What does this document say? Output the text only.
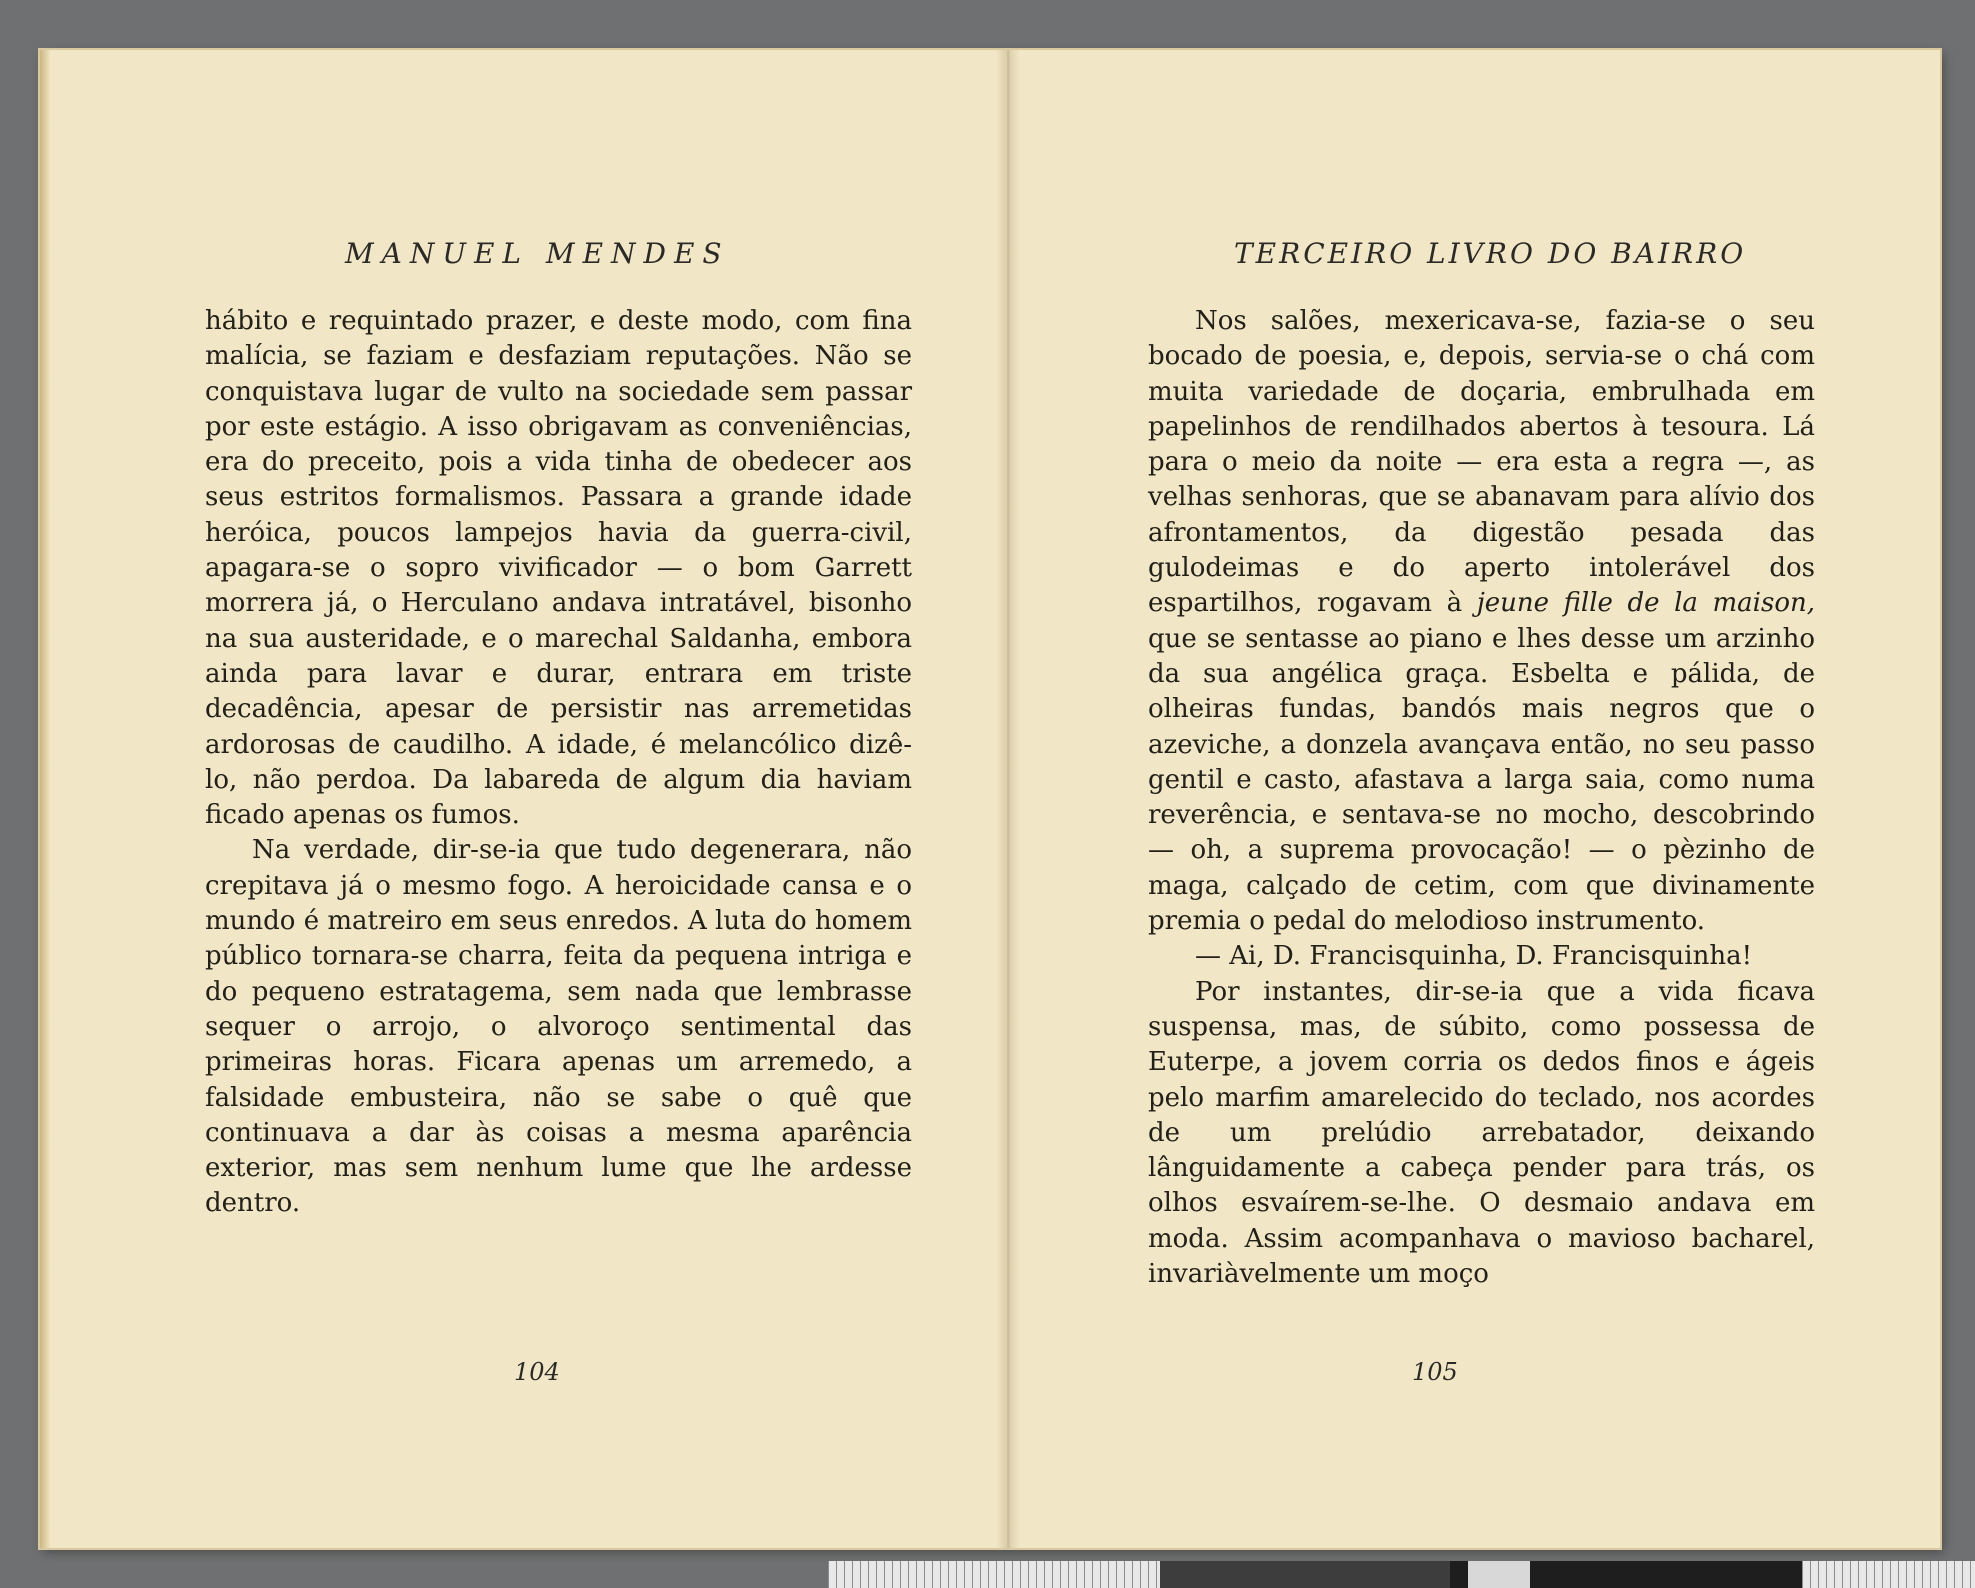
MANUEL MENDES

hábito e requintado prazer, e deste modo, com fina malícia, se faziam e desfaziam reputações. Não se conquistava lugar de vulto na sociedade sem passar por este estágio. A isso obrigavam as conveniências, era do preceito, pois a vida tinha de obedecer aos seus estritos formalismos. Passara a grande idade heróica, poucos lampejos havia da guerra-civil, apagara-se o sopro vivificador — o bom Garrett morrera já, o Herculano andava intratável, bisonho na sua austeridade, e o marechal Saldanha, embora ainda para lavar e durar, entrara em triste decadência, apesar de persistir nas arremetidas ardorosas de caudilho. A idade, é melancólico dizê-lo, não perdoa. Da labareda de algum dia haviam ficado apenas os fumos.

Na verdade, dir-se-ia que tudo degenerara, não crepitava já o mesmo fogo. A heroicidade cansa e o mundo é matreiro em seus enredos. A luta do homem público tornara-se charra, feita da pequena intriga e do pequeno estratagema, sem nada que lembrasse sequer o arrojo, o alvoroço sentimental das primeiras horas. Ficara apenas um arremedo, a falsidade embusteira, não se sabe o quê que continuava a dar às coisas a mesma aparência exterior, mas sem nenhum lume que lhe ardesse dentro.

104
TERCEIRO LIVRO DO BAIRRO

Nos salões, mexericava-se, fazia-se o seu bocado de poesia, e, depois, servia-se o chá com muita variedade de doçaria, embrulhada em papelinhos de rendilhados abertos à tesoura. Lá para o meio da noite — era esta a regra —, as velhas senhoras, que se abanavam para alívio dos afrontamentos, da digestão pesada das gulodeimas e do aperto intolerável dos espartilhos, rogavam à jeune fille de la maison, que se sentasse ao piano e lhes desse um arzinho da sua angélica graça. Esbelta e pálida, de olheiras fundas, bandós mais negros que o azeviche, a donzela avançava então, no seu passo gentil e casto, afastava a larga saia, como numa reverência, e sentava-se no mocho, descobrindo — oh, a suprema provocação! — o pèzinho de maga, calçado de cetim, com que divinamente premia o pedal do melodioso instrumento.

— Ai, D. Francisquinha, D. Francisquinha!

Por instantes, dir-se-ia que a vida ficava suspensa, mas, de súbito, como possessa de Euterpe, a jovem corria os dedos finos e ágeis pelo marfim amarelecido do teclado, nos acordes de um prelúdio arrebatador, deixando lânguidamente a cabeça pender para trás, os olhos esvaírem-se-lhe. O desmaio andava em moda. Assim acompanhava o mavioso bacharel, invariàvelmente um moço

105
